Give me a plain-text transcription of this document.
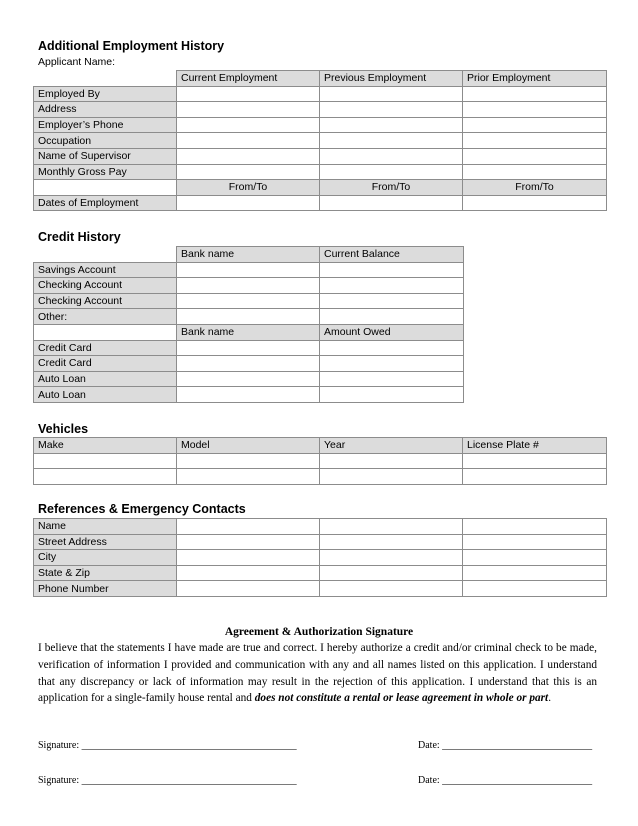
Additional Employment History
Applicant Name:
	Current Employment	Previous Employment	Prior Employment
Employed By			
Address			
Employer’s Phone			
Occupation			
Name of Supervisor			
Monthly Gross Pay			
	From/To	From/To	From/To
Dates of Employment			
Credit History
	Bank name	Current Balance
Savings Account		
Checking Account		
Checking Account		
Other:		
	Bank name	Amount Owed
Credit Card		
Credit Card		
Auto Loan		
Auto Loan		
Vehicles
Make	Model	Year	License Plate #

References & Emergency Contacts
Name			
Street Address			
City			
State & Zip			
Phone Number			
Agreement & Authorization Signature

I believe that the statements I have made are true and correct. I hereby authorize a credit and/or criminal check to be made, verification of information I provided and communication with any and all names listed on this application. I understand that any discrepancy or lack of information may result in the rejection of this application. I understand that this is an application for a single-family house rental and does not constitute a rental or lease agreement in whole or part.

Signature: ___________________________________________	Date: ______________________________
Signature: ___________________________________________	Date: ______________________________
